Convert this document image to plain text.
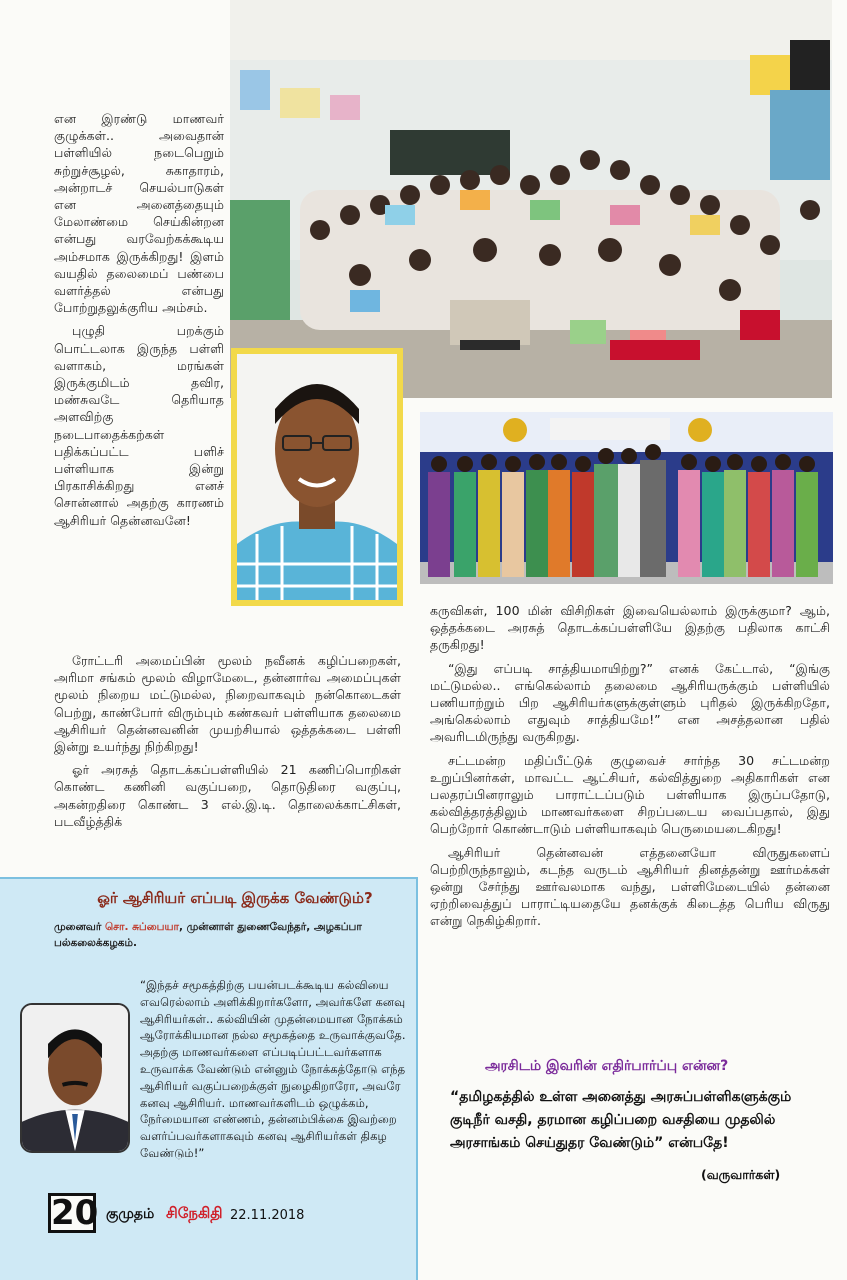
என இரண்டு மாணவர் குழுக்கள்.. அவைதான் பள்ளியில் நடைபெறும் சுற்றுச்சூழல், சுகாதாரம், அன்றாடச் செயல்பாடுகள் என அனைத்தையும் மேலாண்மை செய்கின்றன என்பது வரவேற்கக்கூடிய அம்சமாக இருக்கிறது! இளம் வயதில் தலைமைப் பண்பை வளர்த்தல் என்பது போற்றுதலுக்குரிய அம்சம்.

புழுதி பறக்கும் பொட்டலாக இருந்த பள்ளி வளாகம், மரங்கள் இருக்குமிடம் தவிர, மண்சுவடே தெரியாத அளவிற்கு நடைபாதைக்கற்கள் பதிக்கப்பட்ட பளிச் பள்ளியாக இன்று பிரகாசிக்கிறது எனச் சொன்னால் அதற்கு காரணம் ஆசிரியர் தென்னவனே!

ரோட்டரி அமைப்பின் மூலம் நவீனக் கழிப்பறைகள், அரிமா சங்கம் மூலம் விழாமேடை, தன்னார்வ அமைப்புகள் மூலம் நிறைய மட்டுமல்ல, நிறைவாகவும் நன்கொடைகள் பெற்று, காண்போர் விரும்பும் கண்கவர் பள்ளியாக தலைமை ஆசிரியர் தென்னவனின் முயற்சியால் ஒத்தக்கடை பள்ளி இன்று உயர்ந்து நிற்கிறது!

ஓர் அரசுத் தொடக்கப்பள்ளியில் 21 கணிப்பொறிகள் கொண்ட கணினி வகுப்பறை, தொடுதிரை வகுப்பு, அகன்றதிரை கொண்ட 3 எல்.இ.டி. தொலைக்காட்சிகள், படவீழ்த்திக்

கருவிகள், 100 மின் விசிறிகள் இவையெல்லாம் இருக்குமா? ஆம், ஒத்தக்கடை அரசுத் தொடக்கப்பள்ளியே இதற்கு பதிலாக காட்சி தருகிறது!

“இது எப்படி சாத்தியமாயிற்று?” எனக் கேட்டால், “இங்கு மட்டுமல்ல.. எங்கெல்லாம் தலைமை ஆசிரியருக்கும் பள்ளியில் பணியாற்றும் பிற ஆசிரியர்களுக்குள்ளும் புரிதல் இருக்கிறதோ, அங்கெல்லாம் எதுவும் சாத்தியமே!” என அசத்தலான பதில் அவரிடமிருந்து வருகிறது.

சட்டமன்ற மதிப்பீட்டுக் குழுவைச் சார்ந்த 30 சட்டமன்ற உறுப்பினர்கள், மாவட்ட ஆட்சியர், கல்வித்துறை அதிகாரிகள் என பலதரப்பினராலும் பாராட்டப்படும் பள்ளியாக இருப்பதோடு, கல்வித்தரத்திலும் மாணவர்களை சிறப்படைய வைப்பதால், இது பெற்றோர் கொண்டாடும் பள்ளியாகவும் பெருமையடைகிறது!

ஆசிரியர் தென்னவன் எத்தனையோ விருதுகளைப் பெற்றிருந்தாலும், கடந்த வருடம் ஆசிரியர் தினத்தன்று ஊர்மக்கள் ஒன்று சேர்ந்து ஊர்வலமாக வந்து, பள்ளிமேடையில் தன்னை ஏற்றிவைத்துப் பாராட்டியதையே தனக்குக் கிடைத்த பெரிய விருது என்று நெகிழ்கிறார்.

அரசிடம் இவரின் எதிர்பார்ப்பு என்ன?
“தமிழகத்தில் உள்ள அனைத்து அரசுப்பள்ளிகளுக்கும் குடிநீர் வசதி, தரமான கழிப்பறை வசதியை முதலில் அரசாங்கம் செய்துதர வேண்டும்” என்பதே!
(வருவார்கள்)
ஓர் ஆசிரியர் எப்படி இருக்க வேண்டும்?
முனைவர் சொ. சுப்பையா, முன்னாள் துணைவேந்தர், அழகப்பா பல்கலைக்கழகம்.
“இந்தச் சமூகத்திற்கு பயன்படக்கூடிய கல்வியை எவரெல்லாம் அளிக்கிறார்களோ, அவர்களே கனவு ஆசிரியர்கள்.. கல்வியின் முதன்மையான நோக்கம் ஆரோக்கியமான நல்ல சமூகத்தை உருவாக்குவதே. அதற்கு மாணவர்களை எப்படிப்பட்டவர்களாக உருவாக்க வேண்டும் என்னும் நோக்கத்தோடு எந்த ஆசிரியர் வகுப்பறைக்குள் நுழைகிறாரோ, அவரே கனவு ஆசிரியர். மாணவர்களிடம் ஒழுக்கம், நேர்மையான எண்ணம், தன்னம்பிக்கை இவற்றை வளர்ப்பவர்களாகவும் கனவு ஆசிரியர்கள் திகழ வேண்டும்!”
20 குமுதம் சிநேகிதி 22.11.2018
